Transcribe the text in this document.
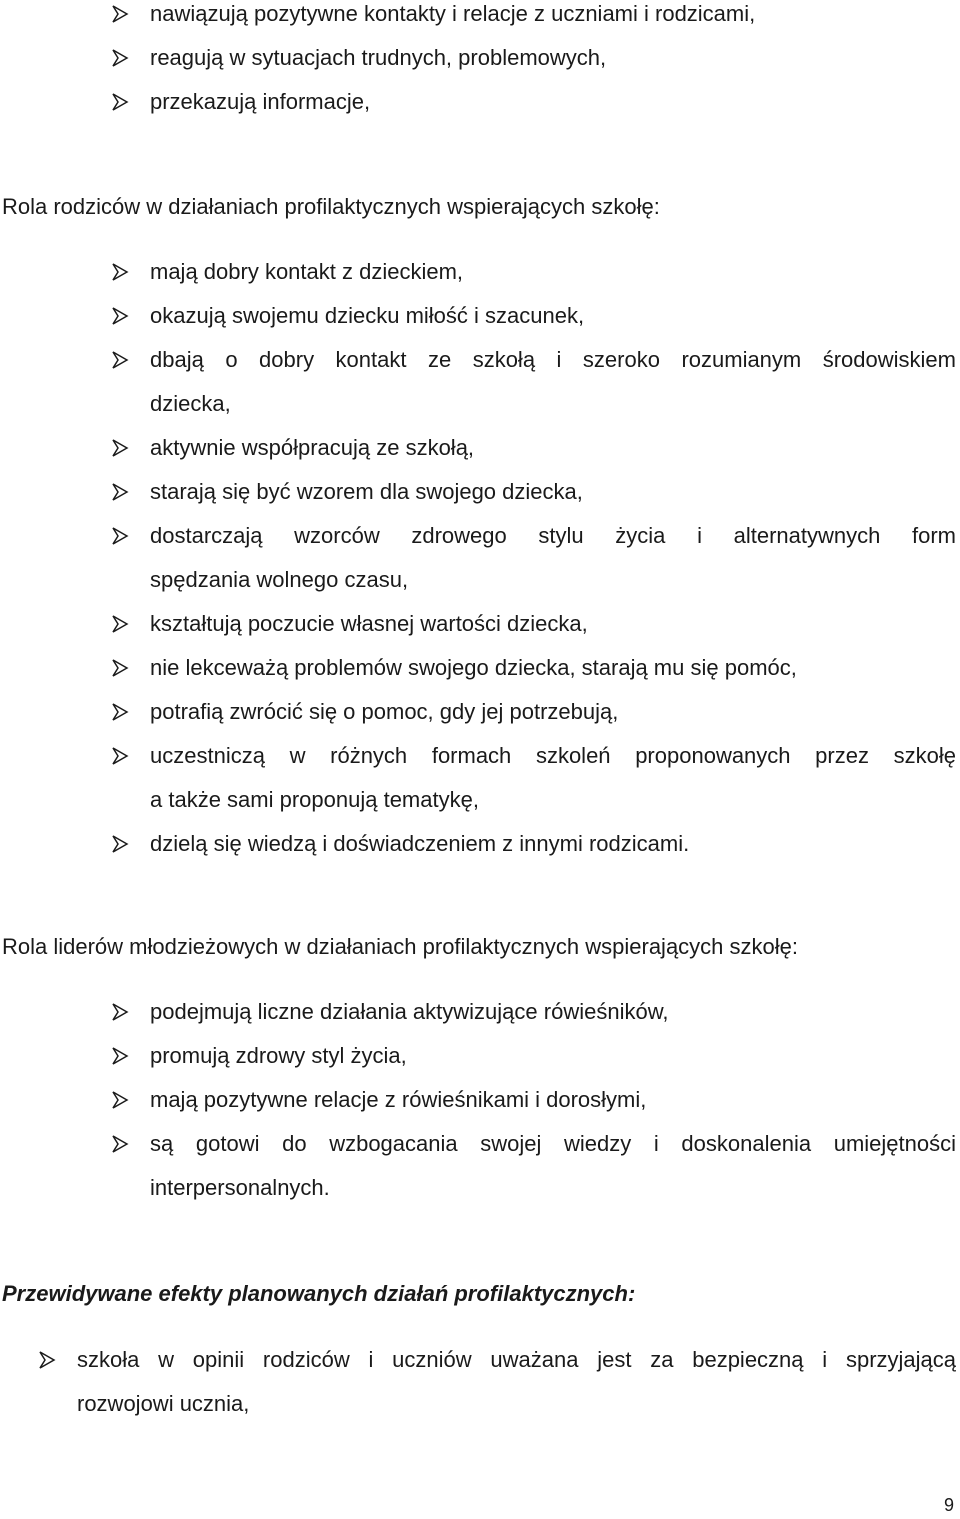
nawiązują pozytywne kontakty i relacje z uczniami i rodzicami,
reagują w sytuacjach trudnych, problemowych,
przekazują informacje,
Rola rodziców w działaniach profilaktycznych wspierających szkołę:
mają dobry kontakt z dzieckiem,
okazują swojemu dziecku miłość i szacunek,
dbają o dobry kontakt ze szkołą i szeroko rozumianym środowiskiem
dziecka,
aktywnie współpracują ze szkołą,
starają się być wzorem dla swojego dziecka,
dostarczają wzorców zdrowego stylu życia i alternatywnych form
spędzania wolnego czasu,
kształtują poczucie własnej wartości dziecka,
nie lekceważą problemów swojego dziecka, starają mu się pomóc,
potrafią zwrócić się o pomoc, gdy jej potrzebują,
uczestniczą w różnych formach szkoleń proponowanych przez szkołę
a także sami proponują tematykę,
dzielą się wiedzą i doświadczeniem z innymi rodzicami.
Rola liderów młodzieżowych w działaniach profilaktycznych wspierających szkołę:
podejmują liczne działania aktywizujące rówieśników,
promują zdrowy styl życia,
mają pozytywne relacje z rówieśnikami i dorosłymi,
są gotowi do wzbogacania swojej wiedzy i doskonalenia umiejętności
interpersonalnych.
Przewidywane efekty planowanych działań profilaktycznych:
szkoła w opinii rodziców i uczniów uważana jest za bezpieczną i sprzyjającą
rozwojowi ucznia,
9
